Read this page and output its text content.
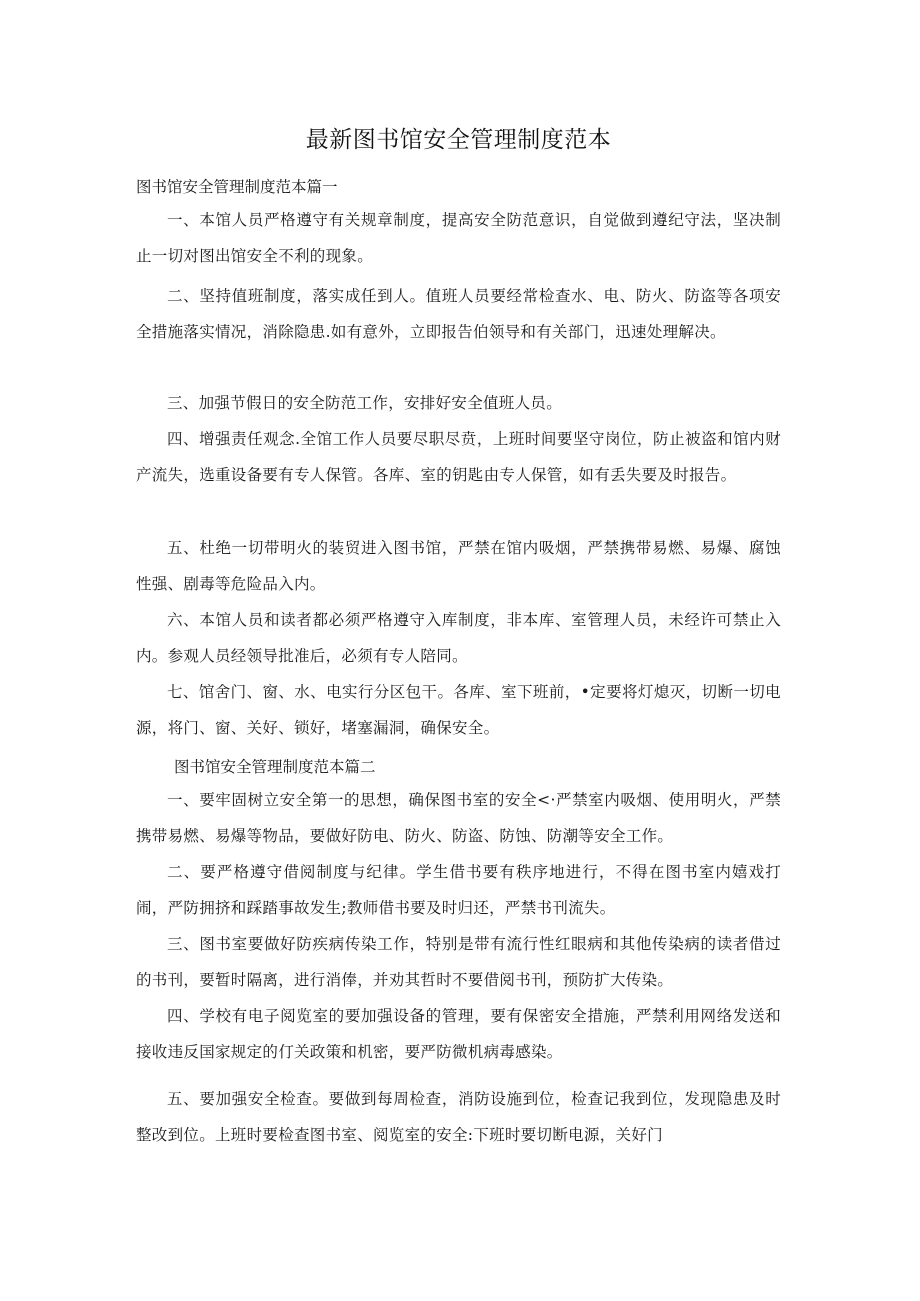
最新图书馆安全管理制度范本

图书馆安全管理制度范本篇一

一、本馆人员严格遵守有关规章制度，提高安全防范意识，自觉做到遵纪守法，坚决制止一切对图出馆安全不利的现象。

二、坚持值班制度，落实成任到人。值班人员要经常检查水、电、防火、防盗等各项安全措施落实情况，消除隐患.如有意外，立即报告伯领导和有关部门，迅速处理解决。

三、加强节假日的安全防范工作，安排好安全值班人员。

四、增强责任观念.全馆工作人员要尽职尽贲，上班时间要坚守岗位，防止被盗和馆内财产流失，选重设备要有专人保管。各库、室的钥匙由专人保管，如有丢失要及时报告。

五、杜绝一切带明火的装贸进入图书馆，严禁在馆内吸烟，严禁携带易燃、易爆、腐蚀性强、剧毒等危险品入内。

六、本馆人员和读者都必须严格遵守入库制度，非本库、室管理人员，未经许可禁止入内。参观人员经领导批准后，必须有专人陪同。

七、馆舍门、窗、水、电实行分区包干。各库、室下班前，•定要将灯熄灭，切断一切电源，将门、窗、关好、锁好，堵塞漏洞，确保安全。

图书馆安全管理制度范本篇二

一、要牢固树立安全第一的思想，确保图书室的安全<·严禁室内吸烟、使用明火，严禁携带易燃、易爆等物品，要做好防电、防火、防盗、防蚀、防潮等安全工作。

二、要严格遵守借阅制度与纪律。学生借书要有秩序地进行，不得在图书室内嬉戏打闹，严防拥挤和踩踏事故发生;教师借书要及时归还，严禁书刊流失。

三、图书室要做好防疾病传染工作，特别是带有流行性红眼病和其他传染病的读者借过的书刊，要暂时隔离，进行消俸，并劝其哲时不要借阅书刊，预防扩大传染。

四、学校有电子阅览室的要加强设备的管理，要有保密安全措施，严禁利用网络发送和接收违反国家规定的仃关政策和机密，要严防微机病毒感染。

五、要加强安全检查。要做到每周检查，消防设施到位，检查记我到位，发现隐患及时整改到位。上班时要检查图书室、阅览室的安全:下班时要切断电源，关好门
